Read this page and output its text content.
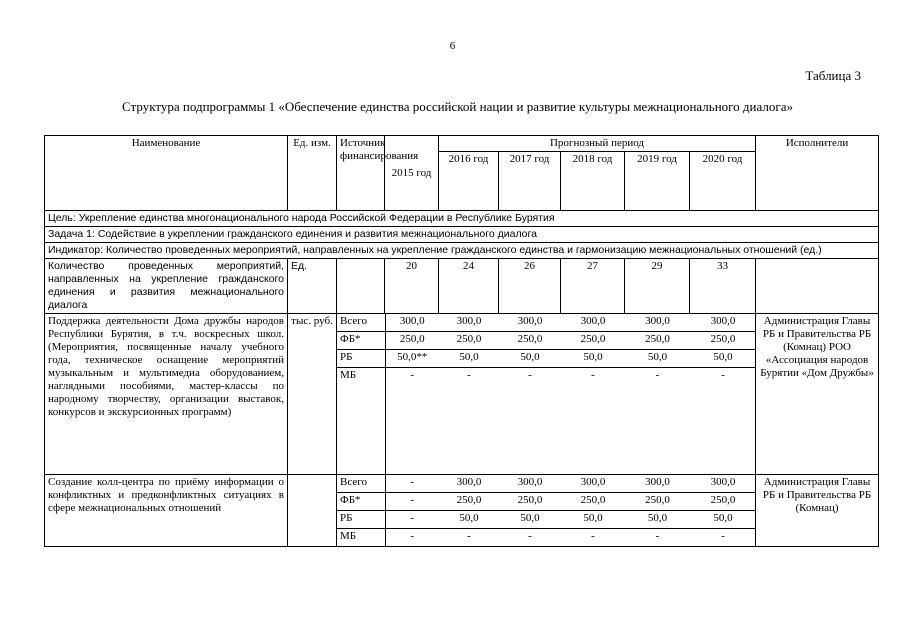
6
Таблица 3
Структура подпрограммы 1 «Обеспечение единства российской нации и развитие культуры межнационального диалога»
Наименование	Ед. изм.	Источник финансирования	2015 год	Прогнозный период	Исполнители
2016 год	2017 год	2018 год	2019 год	2020 год
Цель: Укрепление единства многонационального народа Российской Федерации в Республике Бурятия
Задача 1: Содействие в укреплении гражданского единения и развития межнационального диалога
Индикатор: Количество проведенных мероприятий, направленных на укрепление гражданского единства и гармонизацию межнациональных отношений (ед.)
Количество проведенных мероприятий, направленных на укрепление гражданского единения и развития межнационального диалога	Ед.		20	24	26	27	29	33	
Поддержка деятельности Дома дружбы народов Республики Бурятия, в т.ч. воскресных школ. (Мероприятия, посвященные началу учебного года, техническое оснащение мероприятий музыкальным и мультимедиа оборудованием, наглядными пособиями, мастер-классы по народному творчеству, организации выставок, конкурсов и экскурсионных программ)	тыс. руб.	Всего	300,0	300,0	300,0	300,0	300,0	300,0
ФБ*	250,0	250,0	250,0	250,0	250,0	250,0
РБ	50,0**	50,0	50,0	50,0	50,0	50,0
МБ	-	-	-	-	-	-
	Администрация Главы РБ и Правительства РБ (Комнац) РОО «Ассоциация народов Бурятии «Дом Дружбы»
Создание колл-центра по приёму информации о конфликтных и предконфликтных ситуациях в сфере межнациональных отношений		
Всего	-	300,0	300,0	300,0	300,0	300,0
ФБ*	-	250,0	250,0	250,0	250,0	250,0
РБ	-	50,0	50,0	50,0	50,0	50,0
МБ	-	-	-	-	-	-
	Администрация Главы РБ и Правительства РБ (Комнац)
